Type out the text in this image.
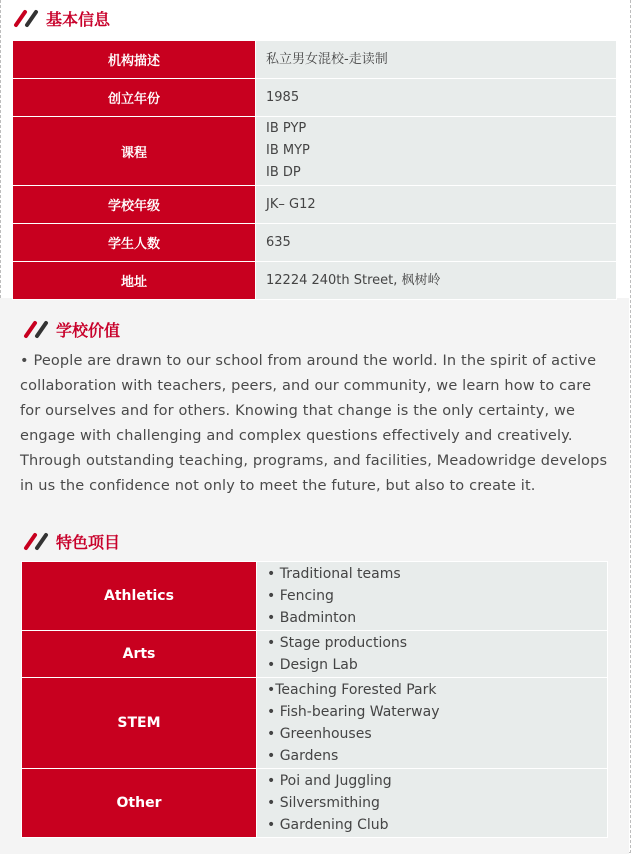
基本信息
机构描述	私立男女混校-走读制
创立年份	1985
课程	IB PYP
IB MYP
IB DP

学校年级	JK– G12
学生人数	635
地址	12224 240th Street, 枫树岭
学校价值

• People are drawn to our school from around the world. In the spirit of active collaboration with teachers, peers, and our community, we learn how to care for ourselves and for others. Knowing that change is the only certainty, we engage with challenging and complex questions effectively and creatively. Through outstanding teaching, programs, and facilities, Meadowridge develops in us the confidence not only to meet the future, but also to create it.

特色项目
Athletics	• Traditional teams
• Fencing
• Badminton

Arts	• Stage productions
• Design Lab

STEM	•Teaching Forested Park
• Fish-bearing Waterway
• Greenhouses
• Gardens

Other	• Poi and Juggling
• Silversmithing
• Gardening Club
